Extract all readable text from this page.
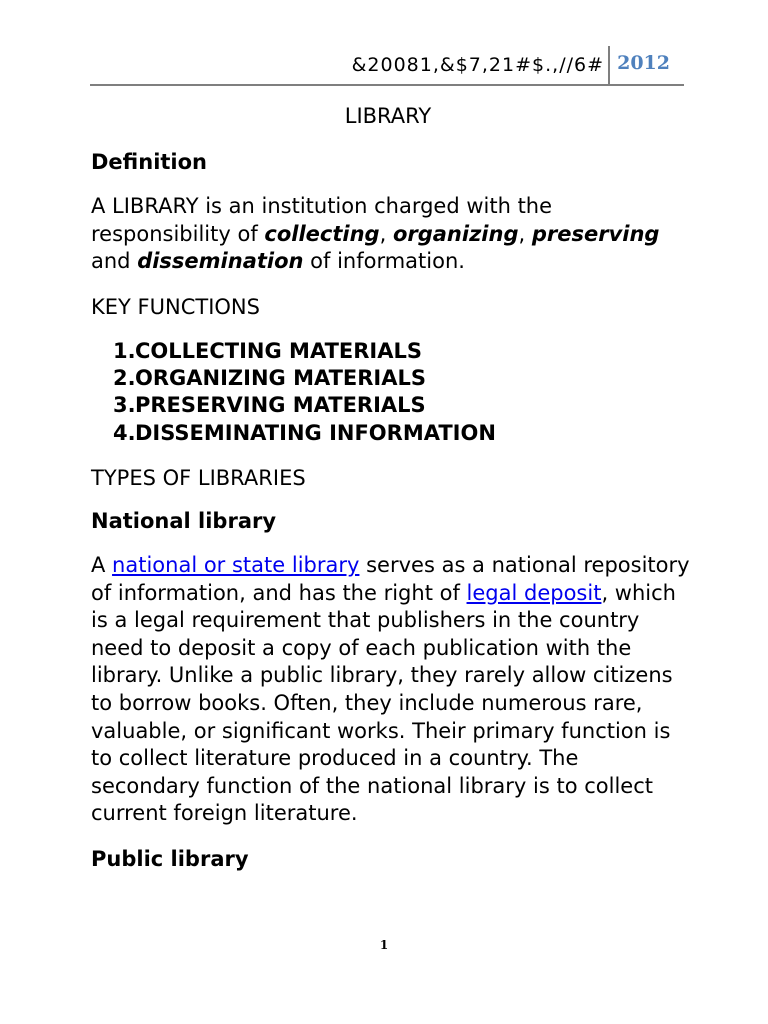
&20081,&$7,21#$.,//6# 2012
LIBRARY
Definition

A LIBRARY is an institution charged with the responsibility of collecting, organizing, preserving and dissemination of information.

KEY FUNCTIONS
1.COLLECTING MATERIALS
2.ORGANIZING MATERIALS
3.PRESERVING MATERIALS
4.DISSEMINATING INFORMATION
TYPES OF LIBRARIES
National library

A national or state library serves as a national repository of information, and has the right of legal deposit, which is a legal requirement that publishers in the country need to deposit a copy of each publication with the library. Unlike a public library, they rarely allow citizens to borrow books. Often, they include numerous rare, valuable, or significant works. Their primary function is to collect literature produced in a country. The secondary function of the national library is to collect current foreign literature.

Public library
1
